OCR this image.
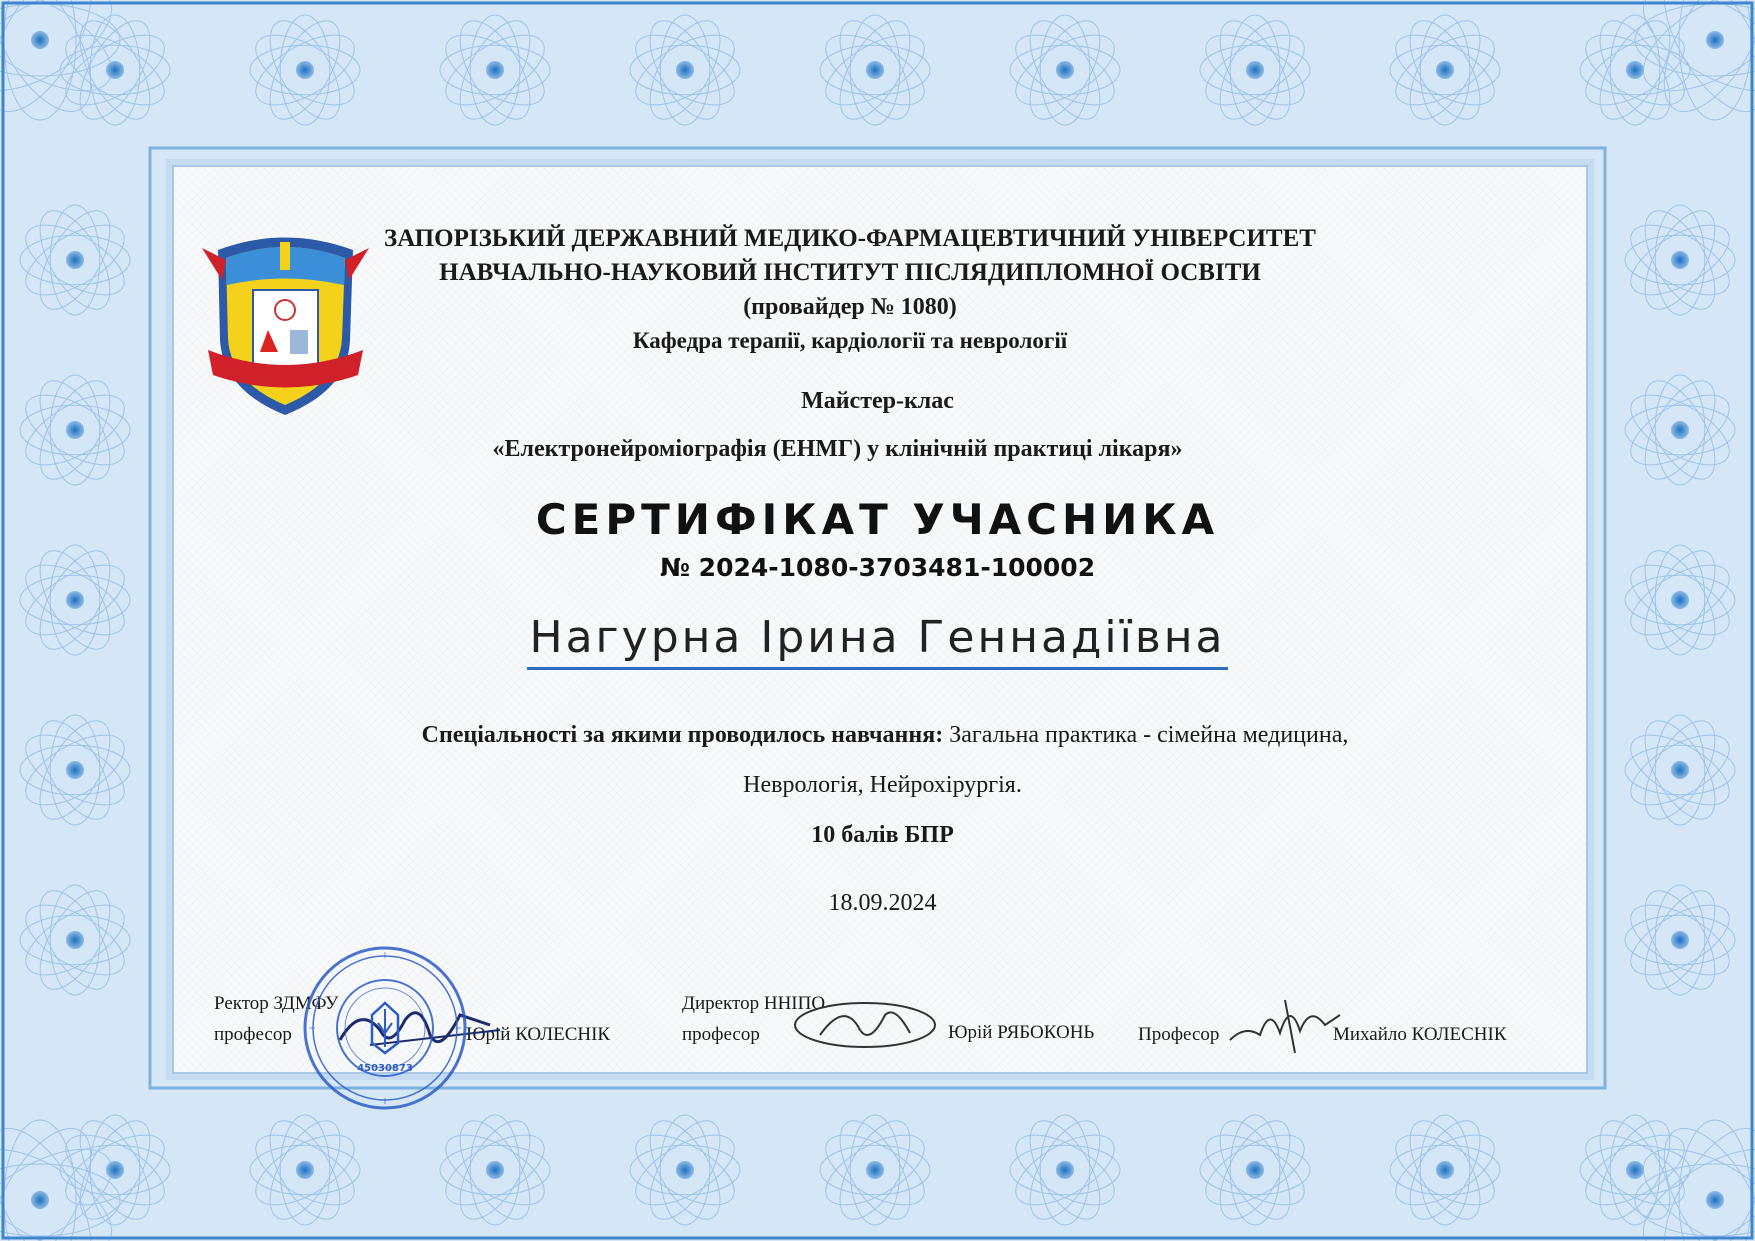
ЗАПОРІЗЬКИЙ ДЕРЖАВНИЙ МЕДИКО-ФАРМАЦЕВТИЧНИЙ УНІВЕРСИТЕТ
НАВЧАЛЬНО-НАУКОВИЙ ІНСТИТУТ ПІСЛЯДИПЛОМНОЇ ОСВІТИ
(провайдер № 1080)
Кафедра терапії, кардіології та неврології
Майстер-клас
«Електронейроміографія (ЕНМГ) у клінічній практиці лікаря»
СЕРТИФІКАТ УЧАСНИКА
№ 2024-1080-3703481-100002
Нагурна Ірина Геннадіївна
Спеціальності за якими проводилось навчання: Загальна практика - сімейна медицина,
Неврологія, Нейрохірургія.
10 балів БПР
18.09.2024
Ректор ЗДМФУ
професор	Юрій КОЛЕСНІК
Директор ННІПО
професор	Юрій РЯБОКОНЬ Професор	Михайло КОЛЕСНІК
45030873
